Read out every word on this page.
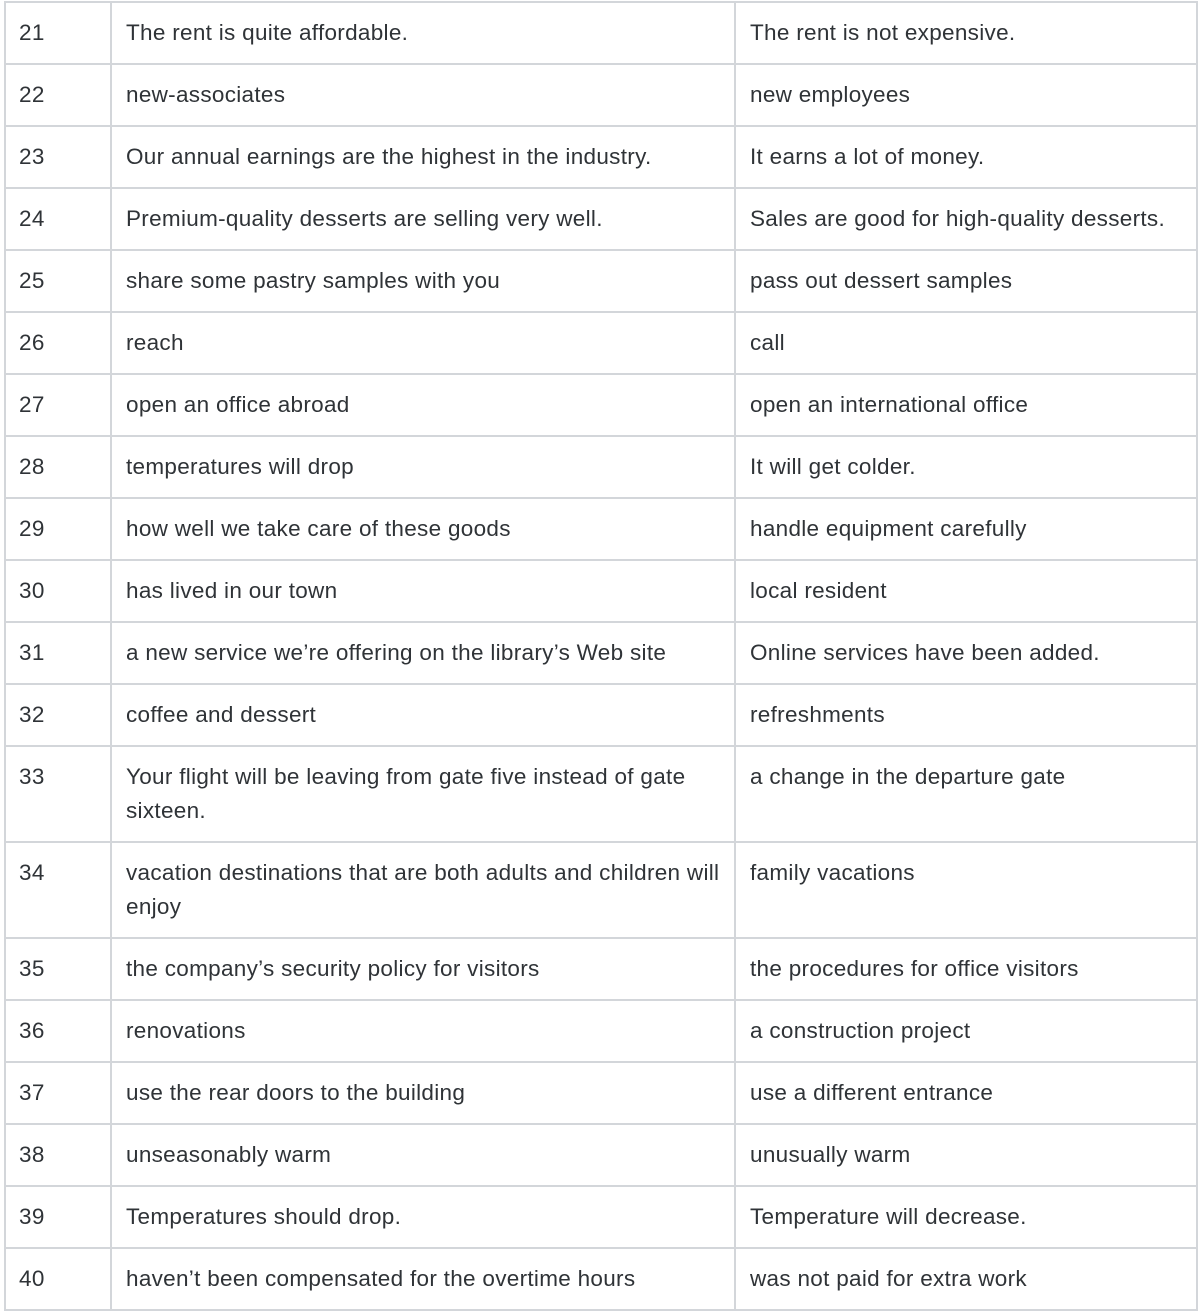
21	The rent is quite affordable.	The rent is not expensive.
22	new-associates	new employees
23	Our annual earnings are the highest in the industry.	It earns a lot of money.
24	Premium-quality desserts are selling very well.	Sales are good for high-quality desserts.
25	share some pastry samples with you	pass out dessert samples
26	reach	call
27	open an office abroad	open an international office
28	temperatures will drop	It will get colder.
29	how well we take care of these goods	handle equipment carefully
30	has lived in our town	local resident
31	a new service we’re offering on the library’s Web site	Online services have been added.
32	coffee and dessert	refreshments
33	Your flight will be leaving from gate five instead of gate sixteen.	a change in the departure gate
34	vacation destinations that are both adults and children will enjoy	family vacations
35	the company’s security policy for visitors	the procedures for office visitors
36	renovations	a construction project
37	use the rear doors to the building	use a different entrance
38	unseasonably warm	unusually warm
39	Temperatures should drop.	Temperature will decrease.
40	haven’t been compensated for the overtime hours	was not paid for extra work
